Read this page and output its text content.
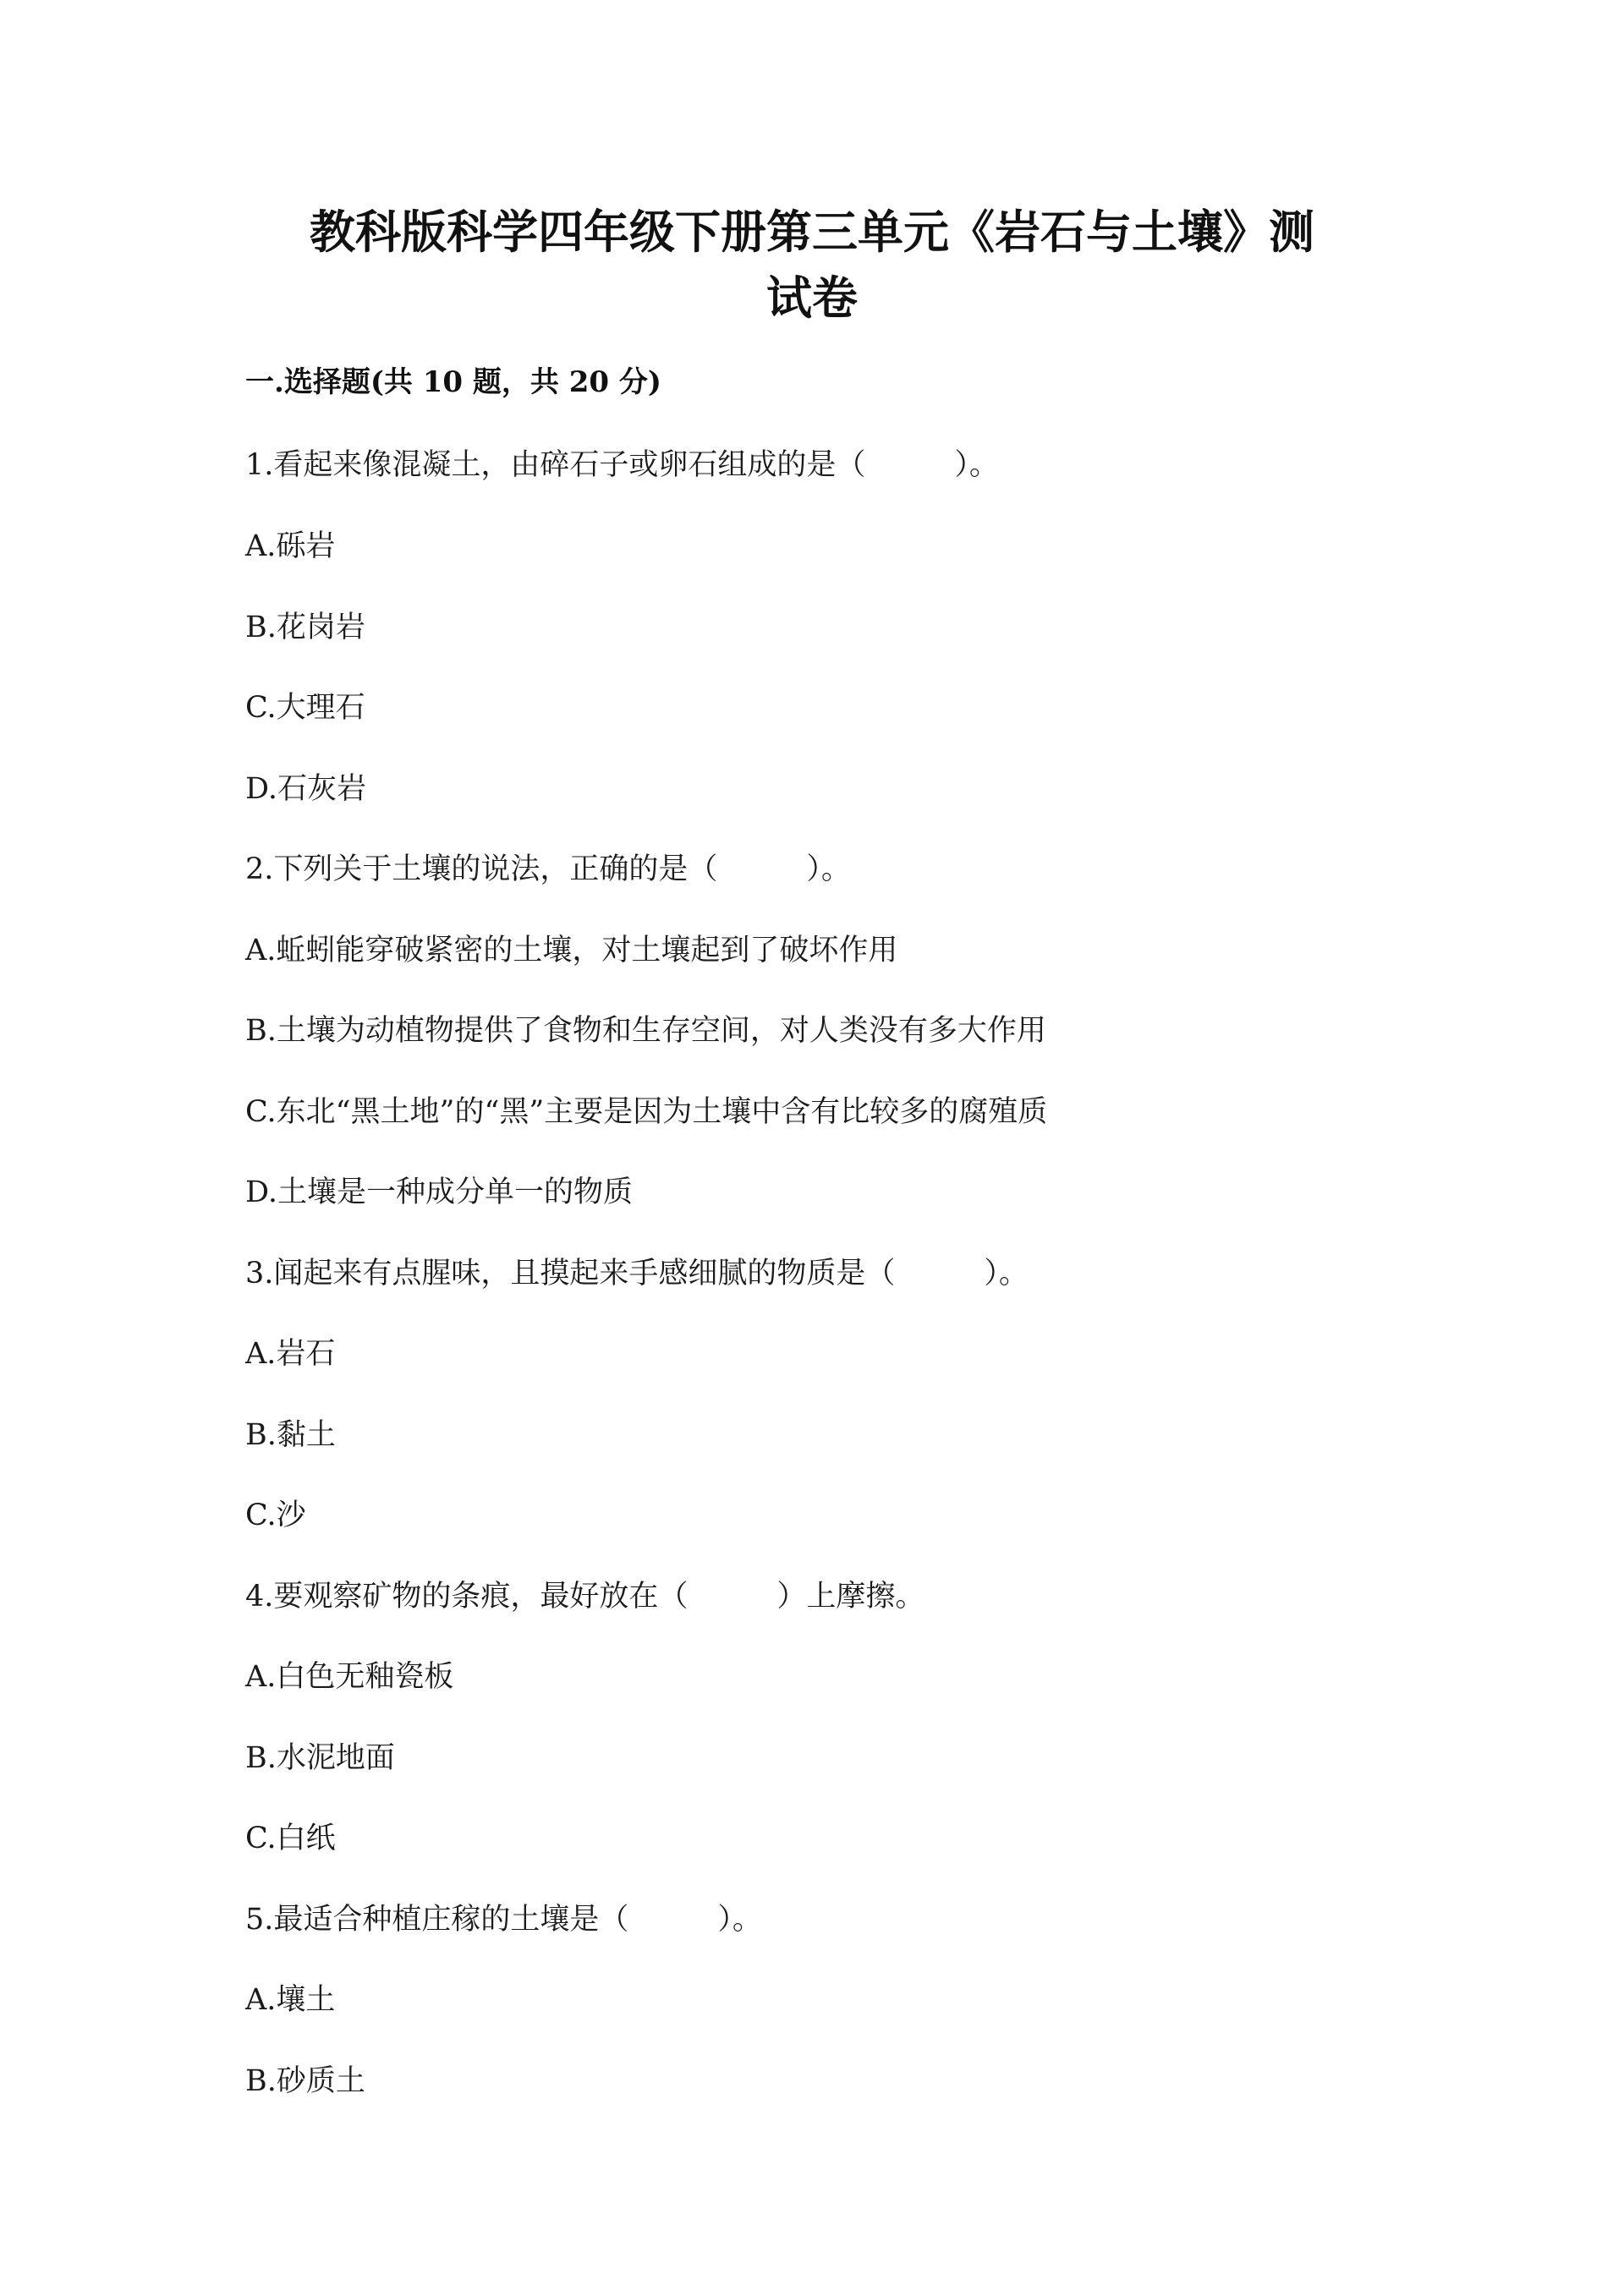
教科版科学四年级下册第三单元《岩石与土壤》测
试卷
一.选择题(共 10 题，共 20 分)

1.看起来像混凝土，由碎石子或卵石组成的是（　　　）。

A.砾岩

B.花岗岩

C.大理石

D.石灰岩

2.下列关于土壤的说法，正确的是（　　　）。

A.蚯蚓能穿破紧密的土壤，对土壤起到了破坏作用

B.土壤为动植物提供了食物和生存空间，对人类没有多大作用

C.东北“黑土地”的“黑”主要是因为土壤中含有比较多的腐殖质

D.土壤是一种成分单一的物质

3.闻起来有点腥味，且摸起来手感细腻的物质是（　　　）。

A.岩石

B.黏土

C.沙

4.要观察矿物的条痕，最好放在（　　　）上摩擦。

A.白色无釉瓷板

B.水泥地面

C.白纸

5.最适合种植庄稼的土壤是（　　　）。

A.壤土

B.砂质土
